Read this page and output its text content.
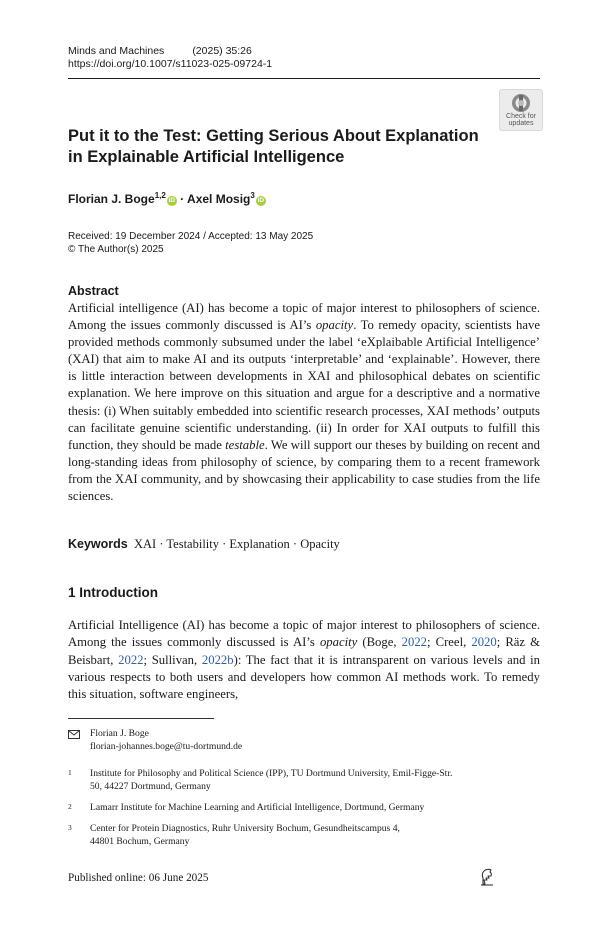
Minds and Machines	(2025) 35:26
https://doi.org/10.1007/s11023-025-09724-1
Check for
updates
Put it to the Test: Getting Serious About Explanation
in Explainable Artificial Intelligence
Florian J. Boge$^{1,2}$iD · Axel Mosig$^3$iD
Received: 19 December 2024 / Accepted: 13 May 2025
© The Author(s) 2025
Abstract
Artificial intelligence (AI) has become a topic of major interest to philosophers of science. Among the issues commonly discussed is AI’s opacity. To remedy opacity, scientists have provided methods commonly subsumed under the label ‘eXplaibable Artificial Intelligence’ (XAI) that aim to make AI and its outputs ‘interpretable’ and ‘explainable’. However, there is little interaction between developments in XAI and philosophical debates on scientific explanation. We here improve on this situation and argue for a descriptive and a normative thesis: (i) When suitably embedded into scientific research processes, XAI methods’ outputs can facilitate genuine scientific understanding. (ii) In order for XAI outputs to fulfill this function, they should be made testable. We will support our theses by building on recent and long-standing ideas from philosophy of science, by comparing them to a recent framework from the XAI community, and by showcasing their applicability to case studies from the life sciences.
Keywords XAI · Testability · Explanation · Opacity
1 Introduction
Artificial Intelligence (AI) has become a topic of major interest to philosophers of science. Among the issues commonly discussed is AI’s opacity (Boge, 2022; Creel, 2020; Räz & Beisbart, 2022; Sullivan, 2022b): The fact that it is intransparent on various levels and in various respects to both users and developers how common AI methods work. To remedy this situation, software engineers,
Florian J. Boge
florian-johannes.boge@tu-dortmund.de
1 Institute for Philosophy and Political Science (IPP), TU Dortmund University, Emil-Figge-Str.
50, 44227 Dortmund, Germany
2 Lamarr Institute for Machine Learning and Artificial Intelligence, Dortmund, Germany
3 Center for Protein Diagnostics, Ruhr University Bochum, Gesundheitscampus 4,
44801 Bochum, Germany
Published online: 06 June 2025
